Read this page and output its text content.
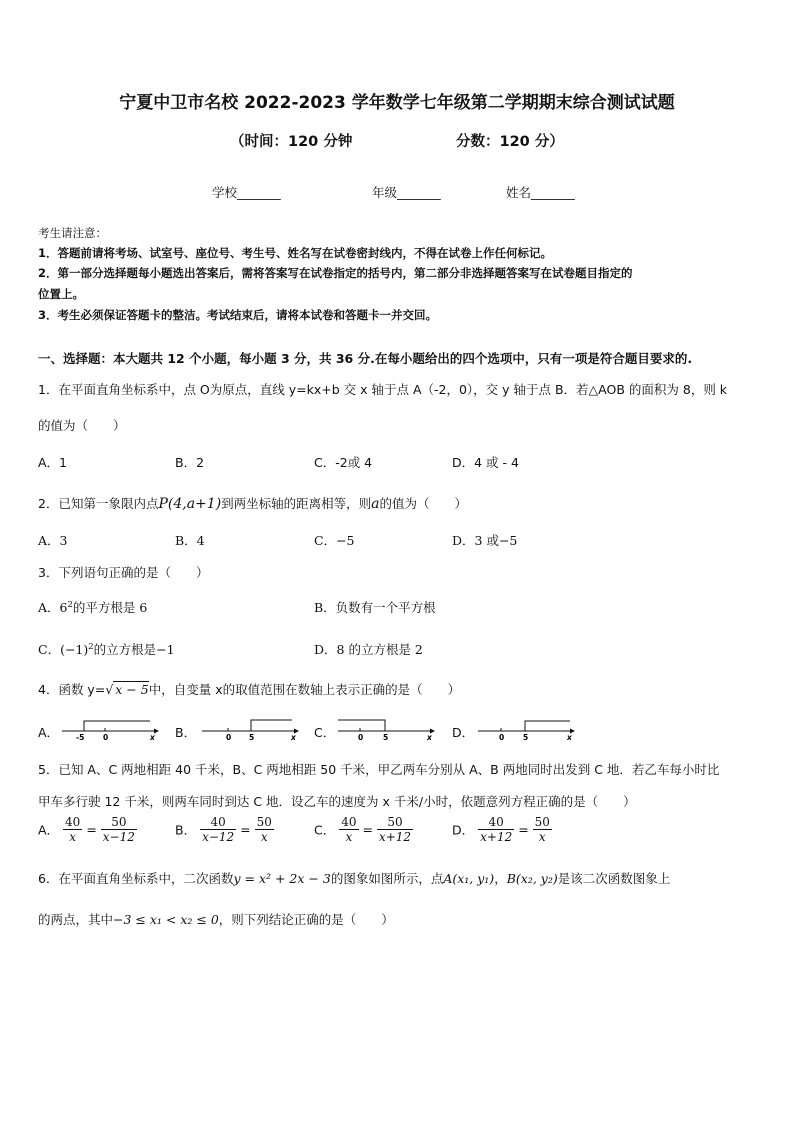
宁夏中卫市名校 2022-2023 学年数学七年级第二学期期末综合测试试题
（时间：120 分钟	分数：120 分）
学校_______	年级_______	姓名_______
考生请注意：
1．答题前请将考场、试室号、座位号、考生号、姓名写在试卷密封线内，不得在试卷上作任何标记。
2．第一部分选择题每小题选出答案后，需将答案写在试卷指定的括号内，第二部分非选择题答案写在试卷题目指定的
位置上。
3．考生必须保证答题卡的整洁。考试结束后，请将本试卷和答题卡一并交回。
一、选择题：本大题共 12 个小题，每小题 3 分，共 36 分.在每小题给出的四个选项中，只有一项是符合题目要求的.
1．在平面直角坐标系中，点 O为原点，直线 y=kx+b 交 x 轴于点 A（-2，0），交 y 轴于点 B．若△AOB 的面积为 8，则 k
的值为（　　）
A．1	B．2	C．-2或 4	D．4 或 - 4
2．已知第一象限内点P(4,a+1)到两坐标轴的距离相等，则a的值为（　　）
A．3	B．4	C．−5	D．3 或−5
3．下列语句正确的是（　　）
A．$6^2$的平方根是 6	B．负数有一个平方根
C．$(-1)^2$的立方根是−1	D．8 的立方根是 2
4．函数 y=√ x − 5中，自变量 x的取值范围在数轴上表示正确的是（　　）
A． -5 0	x B．	0 5	x C．	0	5	x D．	0	5	x
5．已知 A、C 两地相距 40 千米，B、C 两地相距 50 千米，甲乙两车分别从 A、B 两地同时出发到 C 地．若乙车每小时比
甲车多行驶 12 千米，则两车同时到达 C 地．设乙车的速度为 x 千米/小时，依题意列方程正确的是（　　）
A． $\frac{40}{x} = \frac{50}{x-12}$	B． $\frac{40}{x-12} = \frac{50}{x}$	C． $\frac{40}{x} = \frac{50}{x+12}$	D． $\frac{40}{x+12} = \frac{50}{x}$
6．在平面直角坐标系中，二次函数y = x² + 2x − 3的图象如图所示，点A(x₁, y₁)，B(x₂, y₂)是该二次函数图象上
的两点，其中−3 ≤ x₁ < x₂ ≤ 0，则下列结论正确的是（　　）
